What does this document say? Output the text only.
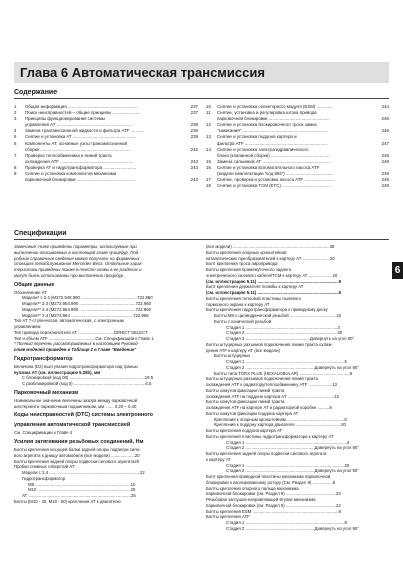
Глава 6 Автоматическая трансмиссия
Содержание
1	Общая информация ..........................................................	237
2	Поиск неисправностей – общие принципы .......................	237
3	Принципы функционирования системы
управления АТ ..............................................................	238
4	Замена трансмиссионной жидкости и фильтра АТF ...........	238
5	Снятие и установка АТ ....................................................	239
6	Компоненты АТ, основные узлы трансмиссионной
сборки ..........................................................................	242
7	Проверка теплообменника и линий тракта
охлаждения АТF ............................................................	243
8	Проверка АТ и гидротрансформатора ...........................	243
9	Снятие и установка компонентов механизма
парковочной блокировки ................................................	243
10	Снятие и установка селекторного модуля (ESM) .............	244
11	Снятие, установка и регулировка штока привода
парковочной блокировки ..................................................	246
12	Снятие и установка блокировочного троса замка
"зажигания" ......................................................................	246
13	Снятие и установка поддона картера и
фильтра АТF ....................................................................	247
14	Снятие и установка электрогидравлического
блока (клапанной сборки) ................................................	248
15	Замена сальников АТ ........................................................	248
16	Снятие и установка вспомогательного насоса АТF
(модели комплектации "код 893") .......................................	249
17	Снятие, проверка и установка насоса АТF ........................	249
18	Снятие и установка ТСМ (ЕТС) ........................................	249
Спецификации
Замечание: Ниже приведены параметры, используемые при
выполнении описываемых в настоящей главе процедур. Под-
робные справочные сведения можно получить на фирменных
станциях техобслуживания Mercedes-Benz. Отдельные харак-
теристики приведены также в тексте главы в ее разделах и
могут быть использованы при выполнении процедур.
Общие данные
Обозначение АТ
Модели* с 2.4 (M272.948.990 ...............................................722.960
Модели** 2.4 (M272.954.990 ...............................................722.960
Модели** 2.4 (M272.964.990 ...............................................722.960
Модели** 2.4 (M272.984 ....................................................722.966
Тип АТ 7-ступенчатая, автоматическая, с электронным
управлением
Тип привода переключателя АТ ..............................DIRECT SELECT
Тип и объем АТF .......................................См. Спецификации к Главе 1
* Полный перечень рассматриваемых в настоящем Руковод-
стве моделей приведен в Таблице 2 в Главе "Введение"
Гидротрансформатор
Величина (D2) выступания гидротрансформатора над гранью
кулачка АТ (см. иллюстрацию 5.28b), мм
С блокировкой (код 08) ...............................................................19.5
С разблокировкой (код 0) ............................................................6.5
Парковочный механизм
Номинальное значение величины зазора между парковочной
шестерней и парковочным подшипником, мм ....... 0.20 – 0.40
Коды неисправностей (DTC) системы электронного
управления автоматической трансмиссией
См. Спецификации к Главе 4
Усилия затягивания резьбовых соединений, Нм
Болты крепления несущей балки задней опоры подвески сило-
вого агрегата к днищу автомобиля (все модели) ....................20
Болты крепления задней опоры подвески силового агрегата20
Пробки сливных отверстий АТ
Модели с 2.4 ............................................................................22
Гидротрансформатор
M8 ................................................................................10
M10 ..............................................................................25
АТ ......................................................................................25
Болты (M10 - 40, M10 - 50) крепления АТ к двигателю
(все модели) .................................................................................38
Болты крепления опорных кронштейнов
каталитических преобразователей к картеру АТ .......................20
Болт крепления троса пиропривода
Болты крепления промежуточного заднего
электрического силового кабеля/ТСМ к картеру АТ ....................20
(см. иллюстрацию 5.11) ....................................................................9
Болт крепления держателя пломбы к картеру АТ
(см. иллюстрацию 5.11) ....................................................................5
Болты крепления тепловой пластины пылевого
тормозного экрана к картеру АТ
Болты крепления гидротрансформатора к приводному диску
Болты M8 с цилиндрической резьбой .......................................42
Болты с конической резьбой
Стадия 1 .............................................................................3
Стадия 2 .............................................................................30
Стадия 3 ......................................................Довернуть на угол 90°
Болты штуцерных разъемов подключения линии тракта охлаж-
дения АТF к картеру АТ (все модели)
Болты штуцерных
Стадия 1 ...................................................................................5
Стадия 2 ..........................................................Довернуть на угол 90°
Болты типа TORX PLUS (HEXALOBULAR) ..........................................8
Болты штуцерных разъемов подключения линий тракта
охлаждения АТF к радиатору/теплообменнику АТF ....................12
Болты хомутов фиксации линий тракта
охлаждения АТF на поддоне картера АТ .......................................12
Болты хомутов фиксации линий тракта
охлаждения АТF на картере АТ и радиаторной коробке ..........8
Болты хомутов фиксации поддона картера АТ
Крепления к опорным кронштейнам ................................................8
Крепления к поддону картера двигателя ......................................20
Болты крепления поддона картера АТ
Болты крепления пластины гидротрансформатора к картеру АТ
Стадия 1 .....................................................................................4
Стадия 2 ..........................................................Довернуть на угол 90°
Болты крепления задней опоры подвески силового агрегата
к картеру АТ
Стадия 1 ...................................................................................20
Стадия 2 ..........................................................Довернуть на угол 90°
Болт крепления приводной пластины механизма парковочной
блокировки к изолированному ротору (См. Раздел 9) .................5
Болты крепления опорного пальца механизма
парковочной блокировки (см. Раздел 9) ..........................................20
Резьбовая заглушка-направляющей втулки механизма
парковочной блокировки (см. Раздел 9) ..........................................22
Болты крепления ESM ........................................................................8
Болты крепления АТF
Стадия 1 ...................................................................................8
Стадия 2 ..........................................................Довернуть на угол 90°
6
